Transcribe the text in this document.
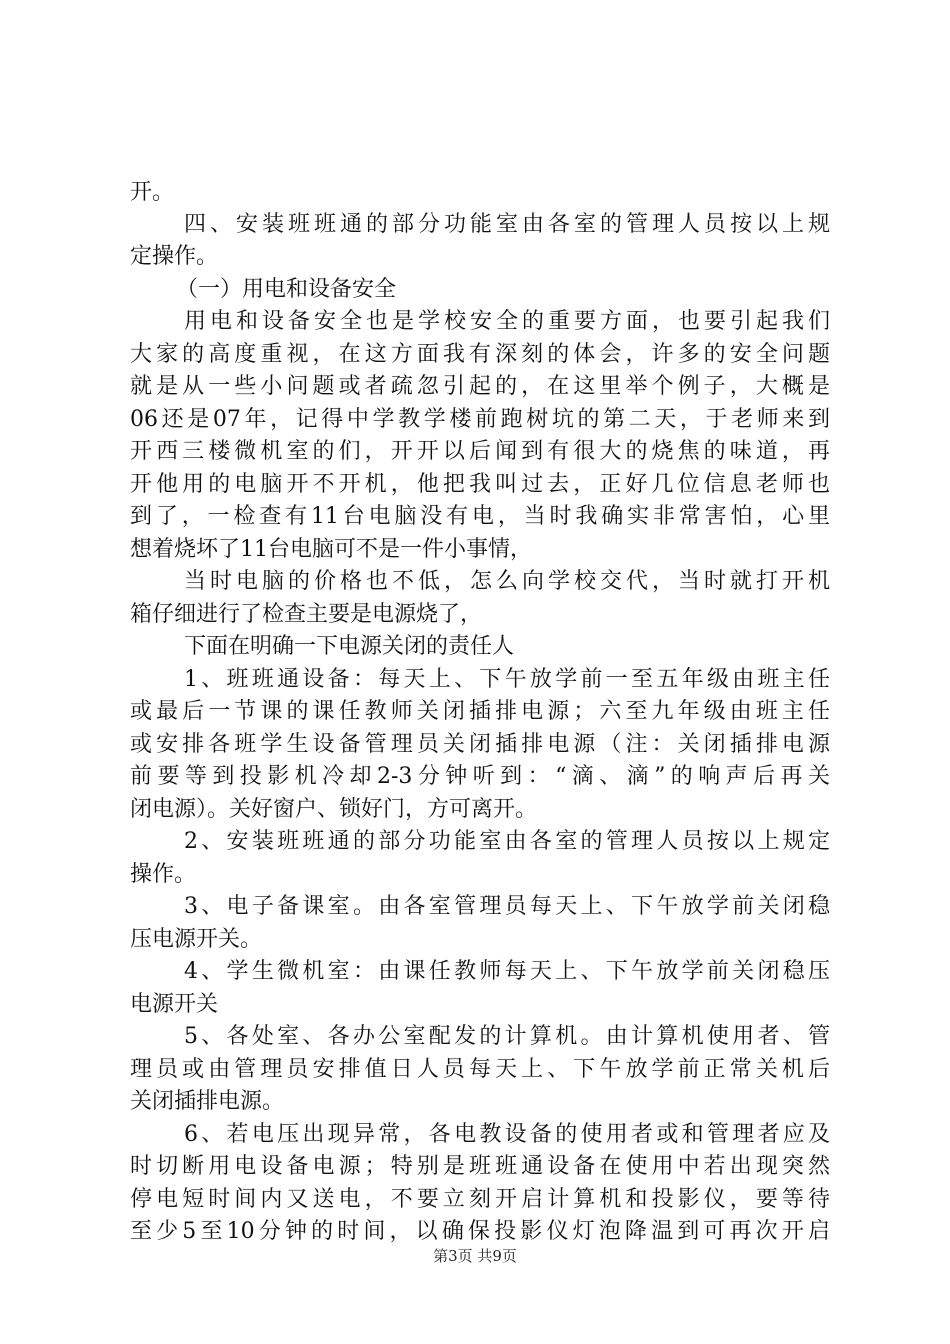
开。
四、安装班班通的部分功能室由各室的管理人员按以上规
定操作。
（一）用电和设备安全
用电和设备安全也是学校安全的重要方面，也要引起我们
大家的高度重视，在这方面我有深刻的体会，许多的安全问题
就是从一些小问题或者疏忽引起的，在这里举个例子，大概是
06还是07年，记得中学教学楼前跑树坑的第二天，于老师来到
开西三楼微机室的们，开开以后闻到有很大的烧焦的味道，再
开他用的电脑开不开机，他把我叫过去，正好几位信息老师也
到了，一检查有11台电脑没有电，当时我确实非常害怕，心里
想着烧坏了11台电脑可不是一件小事情，
当时电脑的价格也不低，怎么向学校交代，当时就打开机
箱仔细进行了检查主要是电源烧了，
下面在明确一下电源关闭的责任人
1、班班通设备：每天上、下午放学前一至五年级由班主任
或最后一节课的课任教师关闭插排电源；六至九年级由班主任
或安排各班学生设备管理员关闭插排电源（注：关闭插排电源
前要等到投影机冷却2-3分钟听到：“滴、滴”的响声后再关
闭电源）。关好窗户、锁好门，方可离开。
2、安装班班通的部分功能室由各室的管理人员按以上规定
操作。
3、电子备课室。由各室管理员每天上、下午放学前关闭稳
压电源开关。
4、学生微机室：由课任教师每天上、下午放学前关闭稳压
电源开关
5、各处室、各办公室配发的计算机。由计算机使用者、管
理员或由管理员安排值日人员每天上、下午放学前正常关机后
关闭插排电源。
6、若电压出现异常，各电教设备的使用者或和管理者应及
时切断用电设备电源；特别是班班通设备在使用中若出现突然
停电短时间内又送电，不要立刻开启计算机和投影仪，要等待
至少5至10分钟的时间，以确保投影仪灯泡降温到可再次开启
第3页 共9页
